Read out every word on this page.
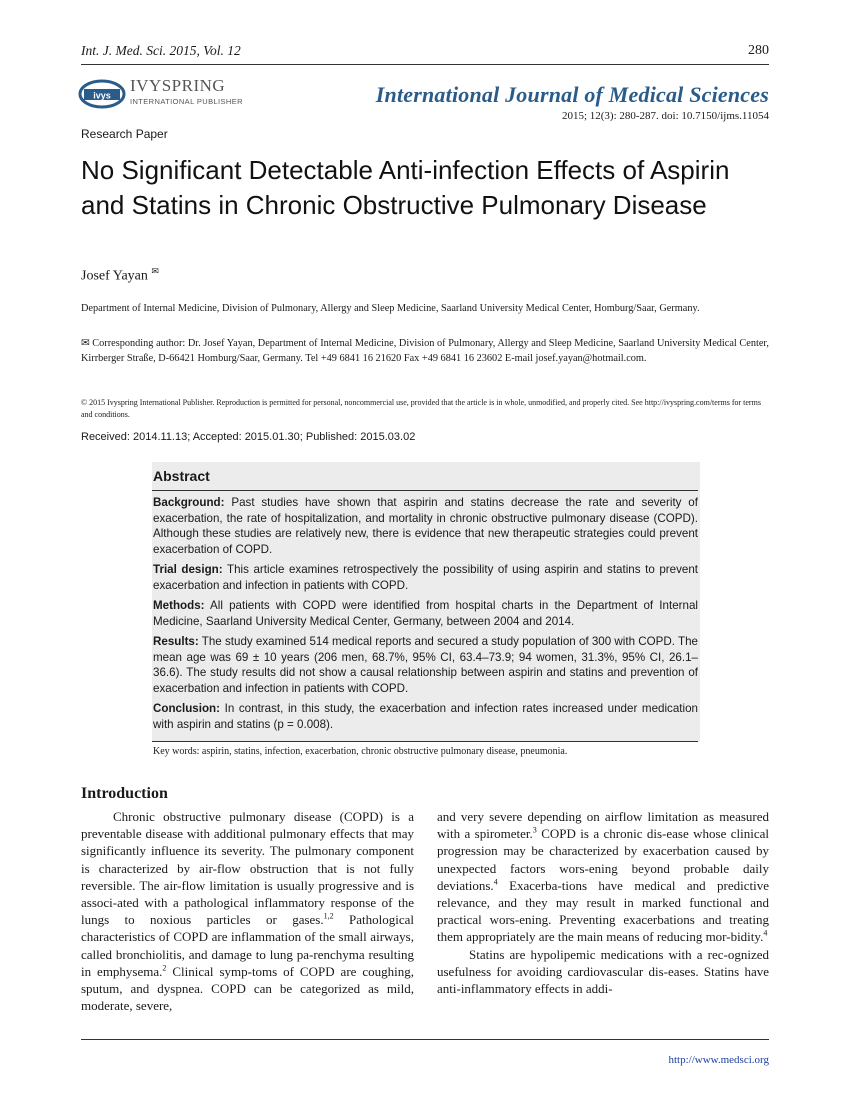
Int. J. Med. Sci. 2015, Vol. 12	280
ivys
IVYSPRING
INTERNATIONAL PUBLISHER	International Journal of Medical Sciences
2015; 12(3): 280-287. doi: 10.7150/ijms.11054
Research Paper
No Significant Detectable Anti-infection Effects of Aspirin and Statins in Chronic Obstructive Pulmonary Disease
Josef Yayan ✉
Department of Internal Medicine, Division of Pulmonary, Allergy and Sleep Medicine, Saarland University Medical Center, Homburg/Saar, Germany.
✉ Corresponding author: Dr. Josef Yayan, Department of Internal Medicine, Division of Pulmonary, Allergy and Sleep Medicine, Saarland University Medical Center, Kirrberger Straße, D-66421 Homburg/Saar, Germany. Tel +49 6841 16 21620 Fax +49 6841 16 23602 E-mail josef.yayan@hotmail.com.
© 2015 Ivyspring International Publisher. Reproduction is permitted for personal, noncommercial use, provided that the article is in whole, unmodified, and properly cited. See http://ivyspring.com/terms for terms and conditions.
Received: 2014.11.13; Accepted: 2015.01.30; Published: 2015.03.02
Abstract

Background: Past studies have shown that aspirin and statins decrease the rate and severity of exacerbation, the rate of hospitalization, and mortality in chronic obstructive pulmonary disease (COPD). Although these studies are relatively new, there is evidence that new therapeutic strategies could prevent exacerbation of COPD.

Trial design: This article examines retrospectively the possibility of using aspirin and statins to prevent exacerbation and infection in patients with COPD.

Methods: All patients with COPD were identified from hospital charts in the Department of Internal Medicine, Saarland University Medical Center, Germany, between 2004 and 2014.

Results: The study examined 514 medical reports and secured a study population of 300 with COPD. The mean age was 69 ± 10 years (206 men, 68.7%, 95% CI, 63.4–73.9; 94 women, 31.3%, 95% CI, 26.1–36.6). The study results did not show a causal relationship between aspirin and statins and prevention of exacerbation and infection in patients with COPD.

Conclusion: In contrast, in this study, the exacerbation and infection rates increased under medication with aspirin and statins (p = 0.008).

Key words: aspirin, statins, infection, exacerbation, chronic obstructive pulmonary disease, pneumonia.
Introduction

Chronic obstructive pulmonary disease (COPD) is a preventable disease with additional pulmonary effects that may significantly influence its severity. The pulmonary component is characterized by air-flow obstruction that is not fully reversible. The air-flow limitation is usually progressive and is associ-ated with a pathological inflammatory response of the lungs to noxious particles or gases.$^{1,2}$ Pathological characteristics of COPD are inflammation of the small airways, called bronchiolitis, and damage to lung pa-renchyma resulting in emphysema.$^2$ Clinical symp-toms of COPD are coughing, sputum, and dyspnea. COPD can be categorized as mild, moderate, severe,

and very severe depending on airflow limitation as measured with a spirometer.$^3$ COPD is a chronic dis-ease whose clinical progression may be characterized by exacerbation caused by unexpected factors wors-ening beyond probable daily deviations.$^4$ Exacerba-tions have medical and predictive relevance, and they may result in marked functional and practical wors-ening. Preventing exacerbations and treating them appropriately are the main means of reducing mor-bidity.$^4$

Statins are hypolipemic medications with a rec-ognized usefulness for avoiding cardiovascular dis-eases. Statins have anti-inflammatory effects in addi-

http://www.medsci.org
